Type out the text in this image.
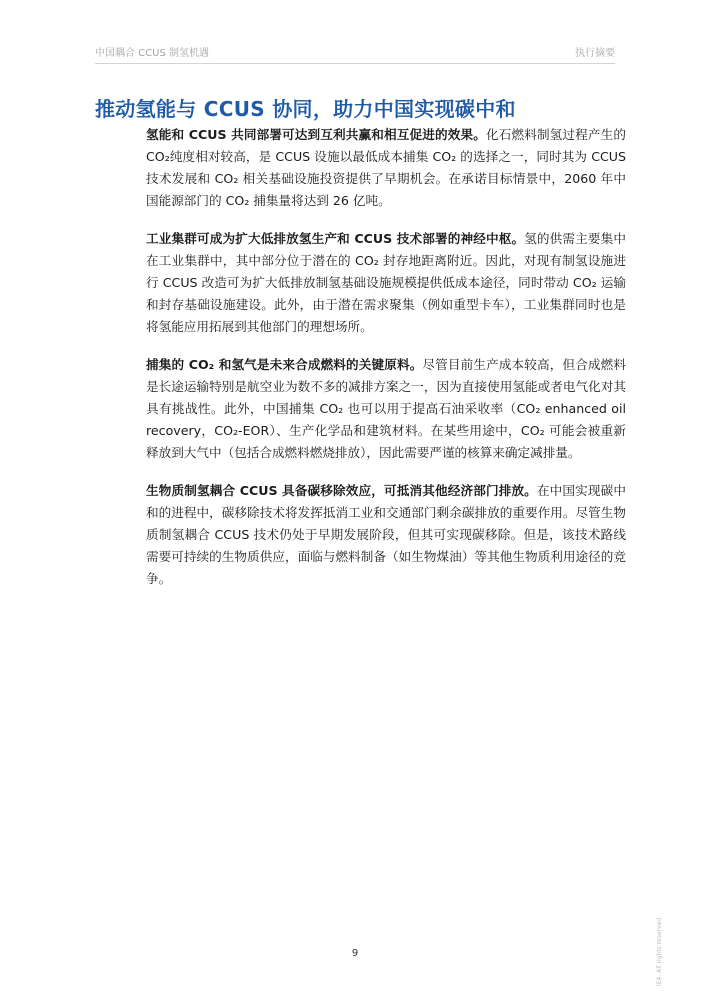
中国耦合 CCUS 制氢机遇	执行摘要
推动氢能与 CCUS 协同，助力中国实现碳中和

氢能和 CCUS 共同部署可达到互利共赢和相互促进的效果。化石燃料制氢过程产生的CO₂纯度相对较高，是 CCUS 设施以最低成本捕集 CO₂ 的选择之一，同时其为 CCUS 技术发展和 CO₂ 相关基础设施投资提供了早期机会。在承诺目标情景中，2060 年中国能源部门的 CO₂ 捕集量将达到 26 亿吨。

工业集群可成为扩大低排放氢生产和 CCUS 技术部署的神经中枢。氢的供需主要集中在工业集群中，其中部分位于潜在的 CO₂ 封存地距离附近。因此，对现有制氢设施进行 CCUS 改造可为扩大低排放制氢基础设施规模提供低成本途径，同时带动 CO₂ 运输和封存基础设施建设。此外，由于潜在需求聚集（例如重型卡车），工业集群同时也是将氢能应用拓展到其他部门的理想场所。

捕集的 CO₂ 和氢气是未来合成燃料的关键原料。尽管目前生产成本较高，但合成燃料是长途运输特别是航空业为数不多的减排方案之一，因为直接使用氢能或者电气化对其具有挑战性。此外，中国捕集 CO₂ 也可以用于提高石油采收率（CO₂ enhanced oil recovery，CO₂-EOR）、生产化学品和建筑材料。在某些用途中，CO₂ 可能会被重新释放到大气中（包括合成燃料燃烧排放），因此需要严谨的核算来确定减排量。

生物质制氢耦合 CCUS 具备碳移除效应，可抵消其他经济部门排放。在中国实现碳中和的进程中，碳移除技术将发挥抵消工业和交通部门剩余碳排放的重要作用。尽管生物质制氢耦合 CCUS 技术仍处于早期发展阶段，但其可实现碳移除。但是，该技术路线需要可持续的生物质供应，面临与燃料制备（如生物煤油）等其他生物质利用途径的竞争。

9	IEA. All rights reserved.
